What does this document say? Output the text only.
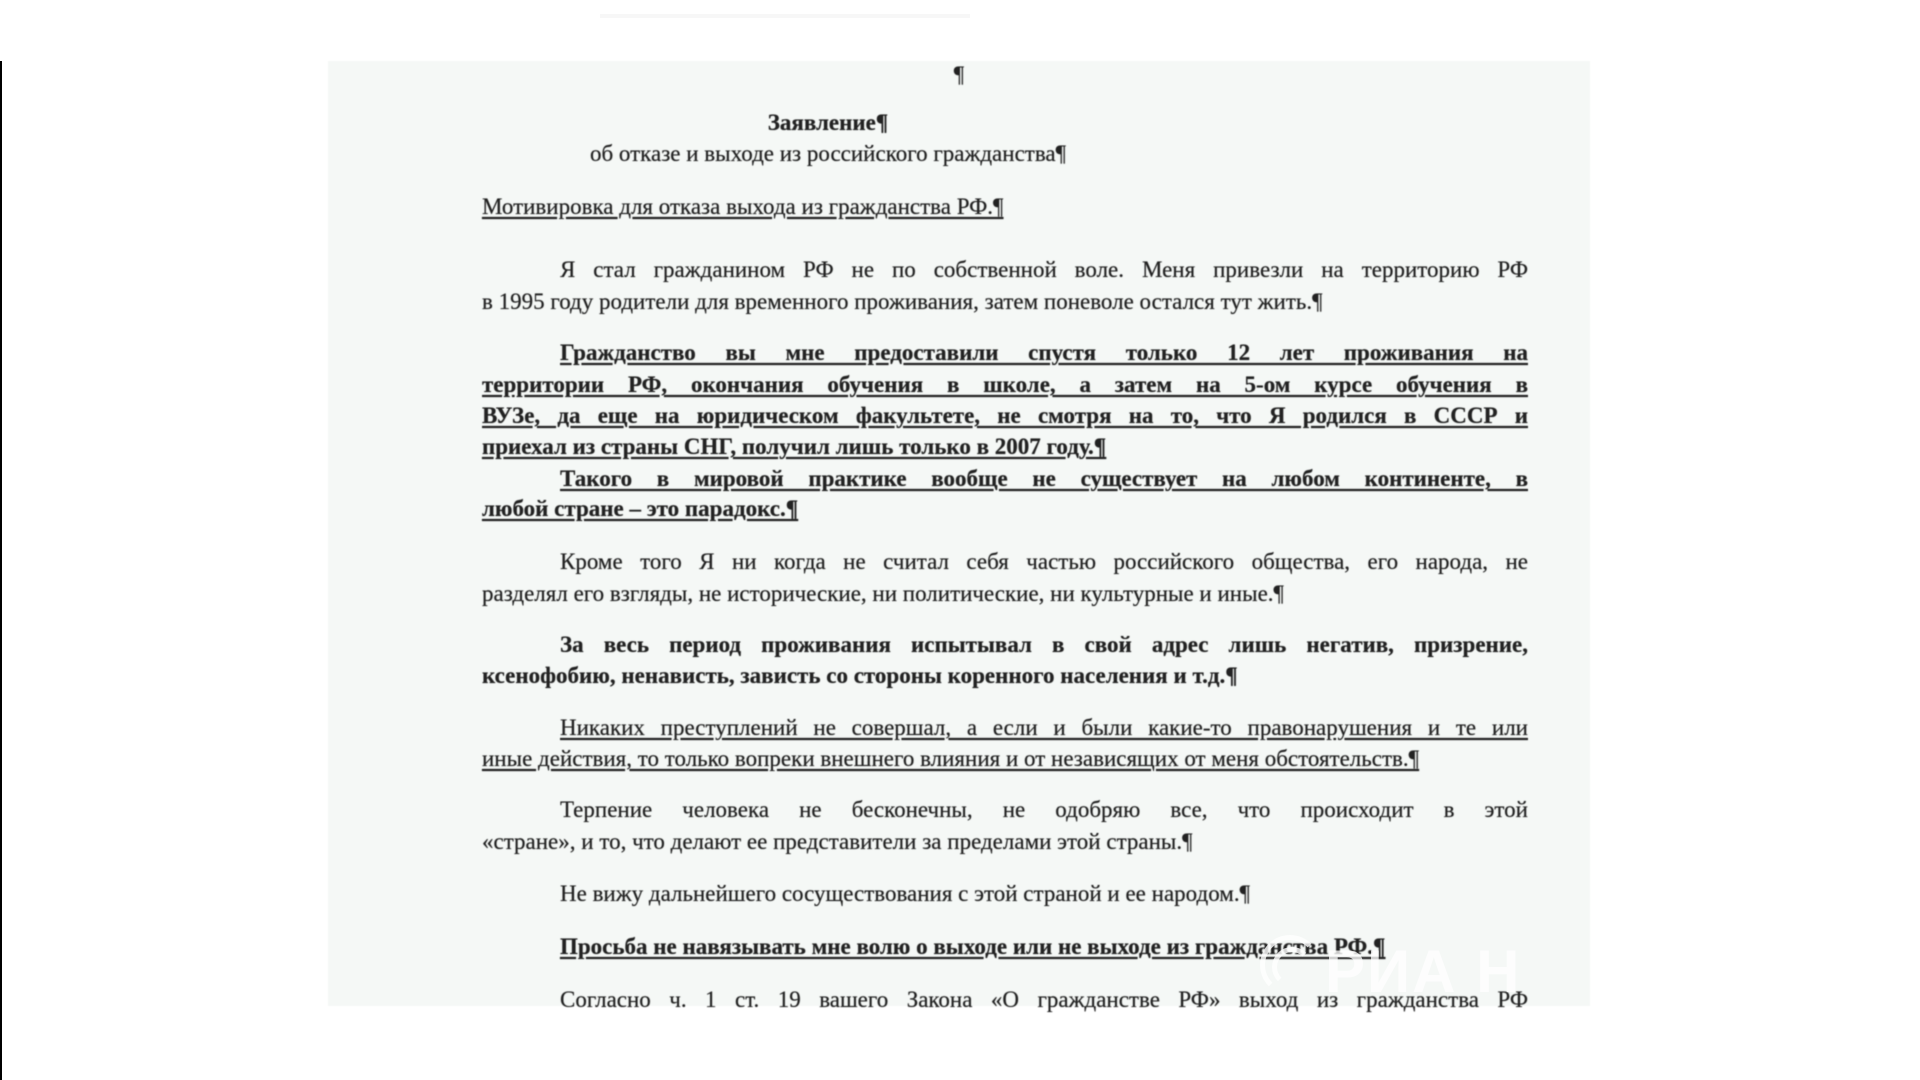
¶
Заявление¶
об отказе и выходе из российского гражданства¶
Мотивировка для отказа выхода из гражданства РФ.¶
Я стал гражданином РФ не по собственной воле. Меня привезли на территорию РФ
в 1995 году родители для временного проживания, затем поневоле остался тут жить.¶
Гражданство вы мне предоставили спустя только 12 лет проживания на
территории РФ, окончания обучения в школе, а затем на 5-ом курсе обучения в
ВУЗе, да еще на юридическом факультете, не смотря на то, что Я родился в СССР и
приехал из страны СНГ, получил лишь только в 2007 году.¶
Такого в мировой практике вообще не существует на любом континенте, в
любой стране – это парадокс.¶
Кроме того Я ни когда не считал себя частью российского общества, его народа, не
разделял его взгляды, не исторические, ни политические, ни культурные и иные.¶
За весь период проживания испытывал в свой адрес лишь негатив, призрение,
ксенофобию, ненависть, зависть со стороны коренного населения и т.д.¶
Никаких преступлений не совершал, а если и были какие-то правонарушения и те или
иные действия, то только вопреки внешнего влияния и от независящих от меня обстоятельств.¶
Терпение человека не бесконечны, не одобряю все, что происходит в этой
«стране», и то, что делают ее представители за пределами этой страны.¶
Не вижу дальнейшего сосуществования с этой страной и ее народом.¶
Просьба не навязывать мне волю о выходе или не выходе из гражданства РФ.¶
Согласно ч. 1 ст. 19 вашего Закона «О гражданстве РФ» выход из гражданства РФ
РИА Н
